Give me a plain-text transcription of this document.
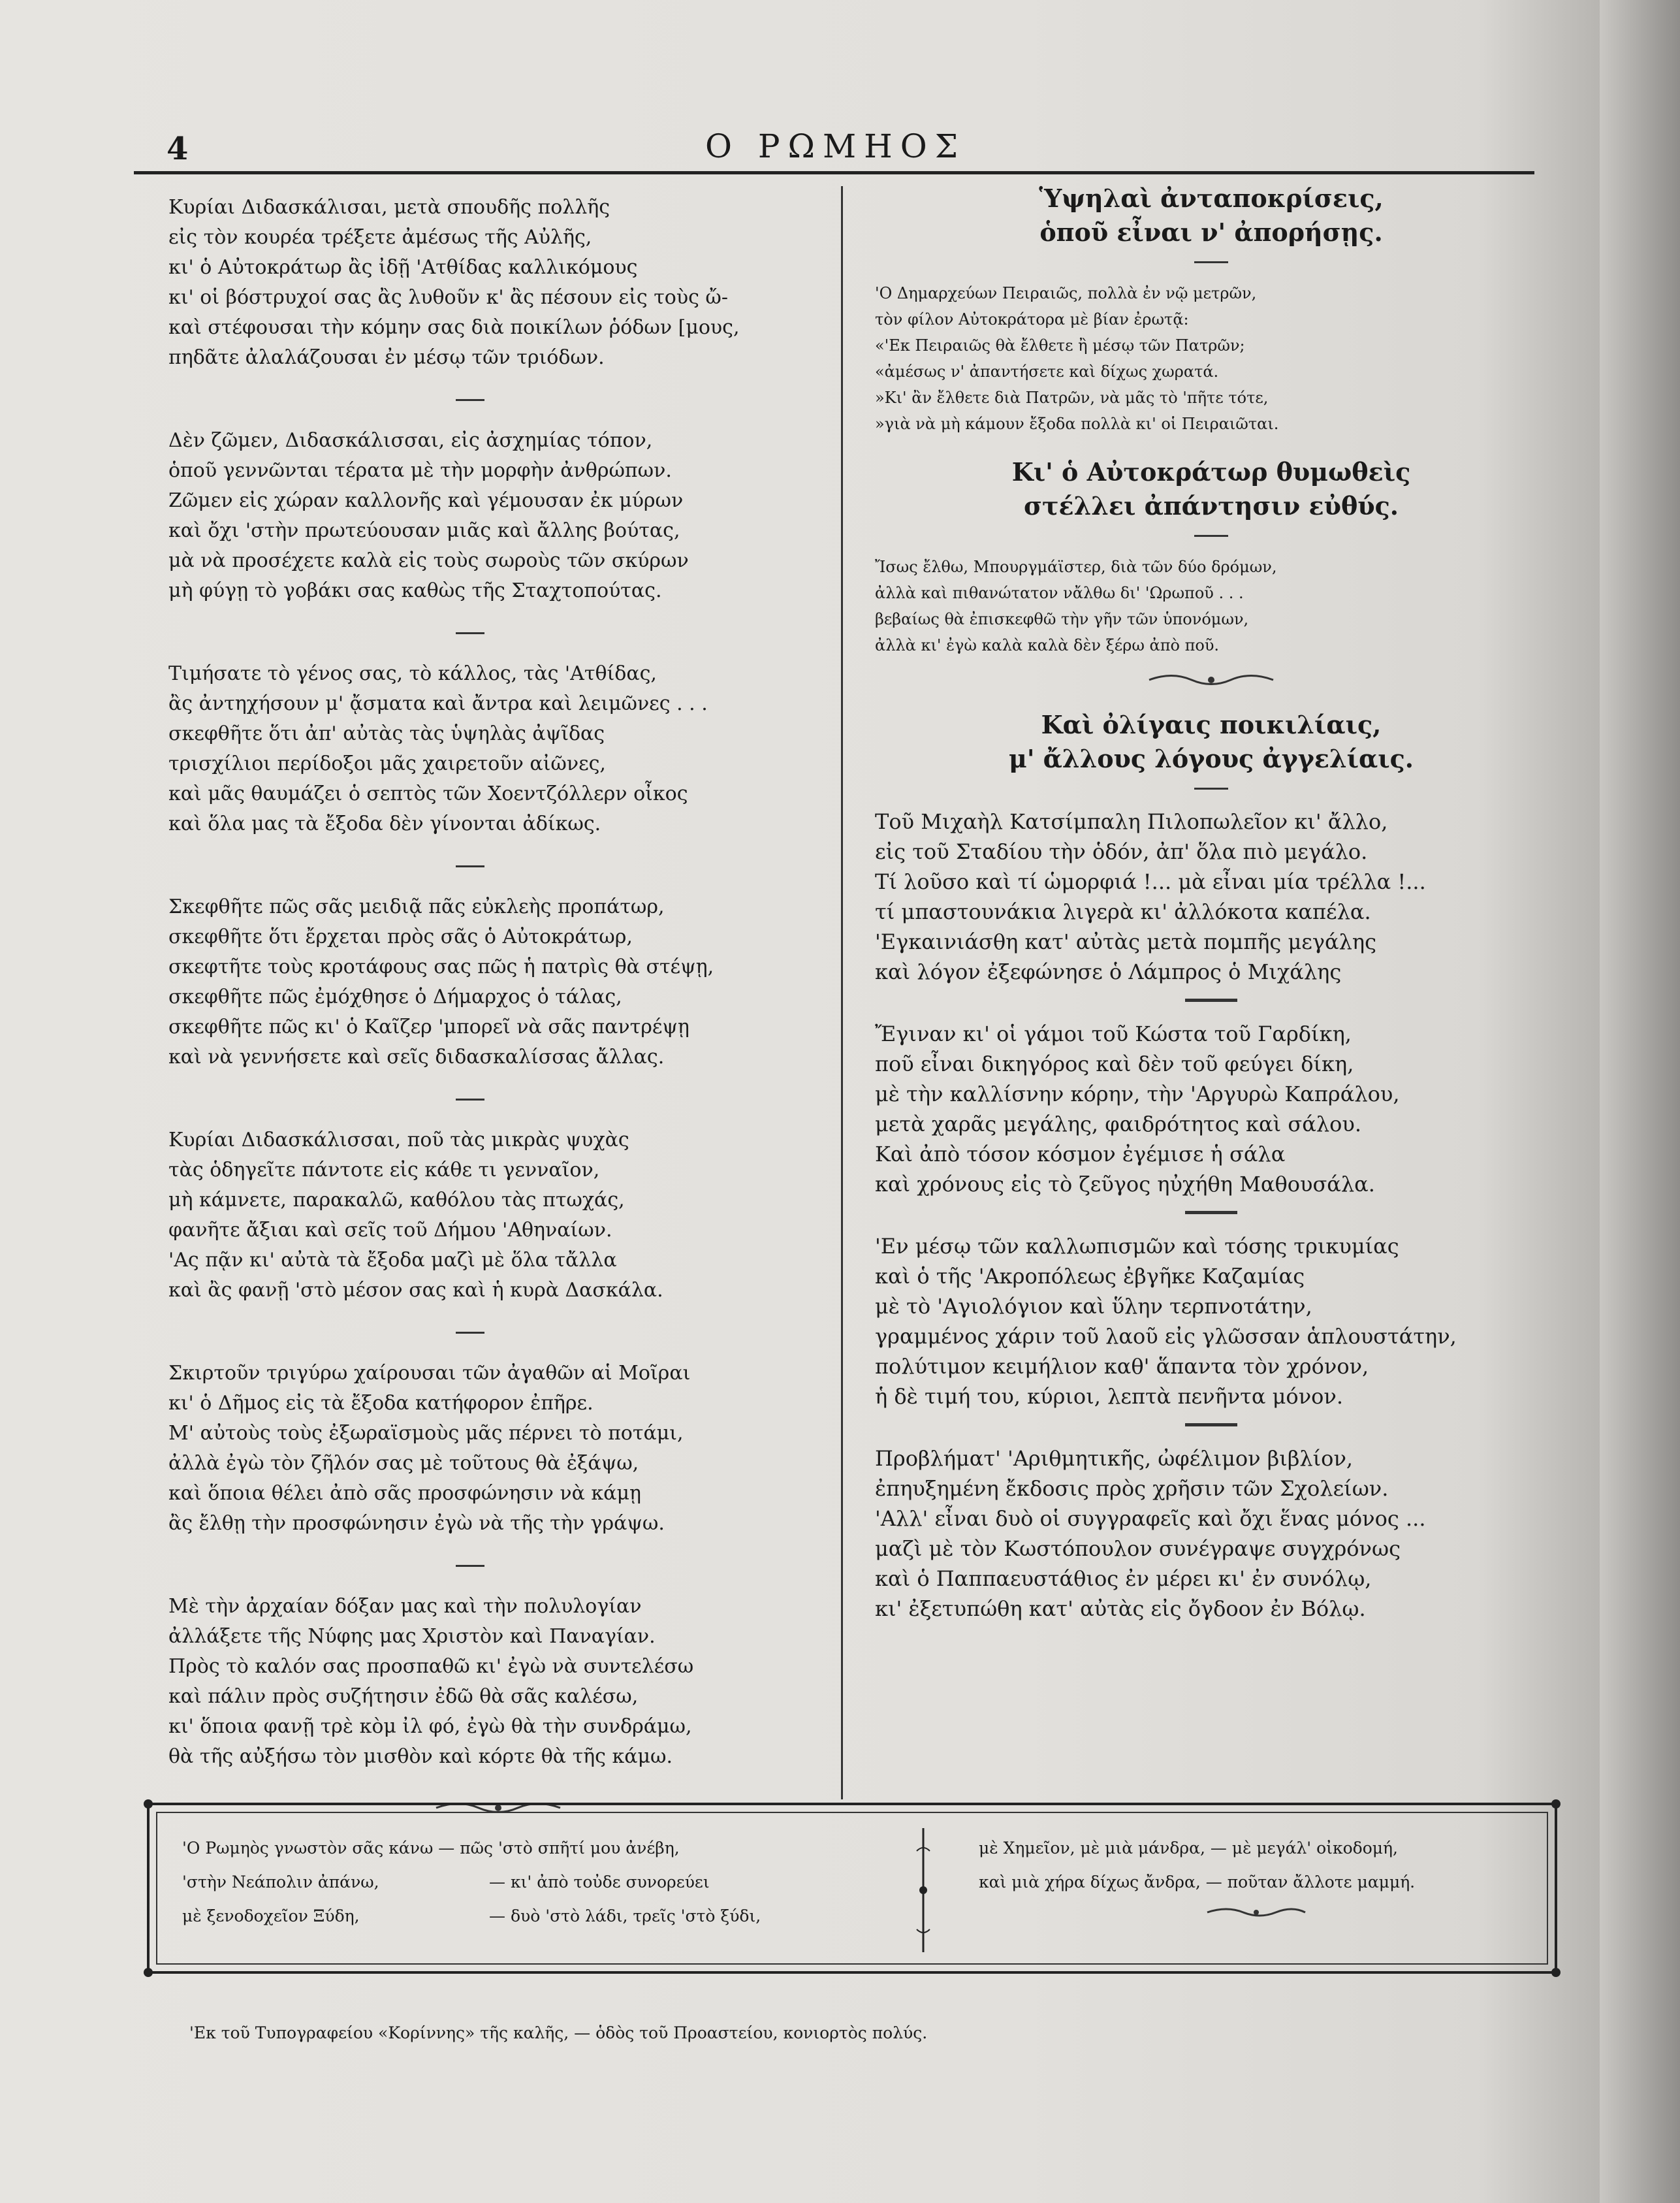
4	Ο ΡΩΜΗΟΣ
Κυρίαι Διδασκάλισαι, μετὰ σπουδῆς πολλῆς
εἰς τὸν κουρέα τρέξετε ἀμέσως τῆς Αὐλῆς,
κι' ὁ Αὐτοκράτωρ ἂς ἰδῇ 'Ατθίδας καλλικόμους
κι' οἱ βόστρυχοί σας ἂς λυθοῦν κ' ἂς πέσουν εἰς τοὺς ὤ-
καὶ στέφουσαι τὴν κόμην σας διὰ ποικίλων ῥόδων [μους,
πηδᾶτε ἀλαλάζουσαι ἐν μέσῳ τῶν τριόδων.
Δὲν ζῶμεν, Διδασκάλισσαι, εἰς ἀσχημίας τόπον,
ὁποῦ γεννῶνται τέρατα μὲ τὴν μορφὴν ἀνθρώπων.
Ζῶμεν εἰς χώραν καλλονῆς καὶ γέμουσαν ἐκ μύρων
καὶ ὄχι 'στὴν πρωτεύουσαν μιᾶς καὶ ἄλλης βούτας,
μὰ νὰ προσέχετε καλὰ εἰς τοὺς σωροὺς τῶν σκύρων
μὴ φύγῃ τὸ γοβάκι σας καθὼς τῆς Σταχτοπούτας.
Τιμήσατε τὸ γένος σας, τὸ κάλλος, τὰς 'Ατθίδας,
ἂς ἀντηχήσουν μ' ᾄσματα καὶ ἄντρα καὶ λειμῶνες . . .
σκεφθῆτε ὅτι ἀπ' αὐτὰς τὰς ὑψηλὰς ἀψῖδας
τρισχίλιοι περίδοξοι μᾶς χαιρετοῦν αἰῶνες,
καὶ μᾶς θαυμάζει ὁ σεπτὸς τῶν Χοεντζόλλερν οἶκος
καὶ ὅλα μας τὰ ἔξοδα δὲν γίνονται ἀδίκως.
Σκεφθῆτε πῶς σᾶς μειδιᾷ πᾶς εὐκλεὴς προπάτωρ,
σκεφθῆτε ὅτι ἔρχεται πρὸς σᾶς ὁ Αὐτοκράτωρ,
σκεφτῆτε τοὺς κροτάφους σας πῶς ἡ πατρὶς θὰ στέψῃ,
σκεφθῆτε πῶς ἐμόχθησε ὁ Δήμαρχος ὁ τάλας,
σκεφθῆτε πῶς κι' ὁ Καῖζερ 'μπορεῖ νὰ σᾶς παντρέψῃ
καὶ νὰ γεννήσετε καὶ σεῖς διδασκαλίσσας ἄλλας.
Κυρίαι Διδασκάλισσαι, ποῦ τὰς μικρὰς ψυχὰς
τὰς ὁδηγεῖτε πάντοτε εἰς κάθε τι γενναῖον,
μὴ κάμνετε, παρακαλῶ, καθόλου τὰς πτωχάς,
φανῆτε ἄξιαι καὶ σεῖς τοῦ Δήμου 'Αθηναίων.
'Ας πᾷν κι' αὐτὰ τὰ ἔξοδα μαζὶ μὲ ὅλα τἄλλα
καὶ ἂς φανῇ 'στὸ μέσον σας καὶ ἡ κυρὰ Δασκάλα.
Σκιρτοῦν τριγύρω χαίρουσαι τῶν ἀγαθῶν αἱ Μοῖραι
κι' ὁ Δῆμος εἰς τὰ ἔξοδα κατήφορον ἐπῆρε.
Μ' αὐτοὺς τοὺς ἐξωραϊσμοὺς μᾶς πέρνει τὸ ποτάμι,
ἀλλὰ ἐγὼ τὸν ζῆλόν σας μὲ τοῦτους θὰ ἐξάψω,
καὶ ὅποια θέλει ἀπὸ σᾶς προσφώνησιν νὰ κάμῃ
ἂς ἔλθῃ τὴν προσφώνησιν ἐγὼ νὰ τῆς τὴν γράψω.
Μὲ τὴν ἀρχαίαν δόξαν μας καὶ τὴν πολυλογίαν
ἀλλάξετε τῆς Νύφης μας Χριστὸν καὶ Παναγίαν.
Πρὸς τὸ καλόν σας προσπαθῶ κι' ἐγὼ νὰ συντελέσω
καὶ πάλιν πρὸς συζήτησιν ἐδῶ θὰ σᾶς καλέσω,
κι' ὅποια φανῇ τρὲ κὸμ ἰλ φό, ἐγὼ θὰ τὴν συνδράμω,
θὰ τῆς αὐξήσω τὸν μισθὸν καὶ κόρτε θὰ τῆς κάμω.
Ὑψηλαὶ ἀνταποκρίσεις,
ὁποῦ εἶναι ν' ἀπορήσῃς.
'Ο Δημαρχεύων Πειραιῶς, πολλὰ ἐν νῷ μετρῶν,
τὸν φίλον Αὐτοκράτορα μὲ βίαν ἐρωτᾷ:
«'Εκ Πειραιῶς θὰ ἔλθετε ἢ μέσῳ τῶν Πατρῶν;
«ἀμέσως ν' ἀπαντήσετε καὶ δίχως χωρατά.
»Κι' ἂν ἔλθετε διὰ Πατρῶν, νὰ μᾶς τὸ 'πῆτε τότε,
»γιὰ νὰ μὴ κάμουν ἔξοδα πολλὰ κι' οἱ Πειραιῶται.
Κι' ὁ Αὐτοκράτωρ θυμωθεὶς
στέλλει ἀπάντησιν εὐθύς.
Ἴσως ἔλθω, Μπουργμάϊστερ, διὰ τῶν δύο δρόμων,
ἀλλὰ καὶ πιθανώτατον νἄλθω δι' 'Ωρωποῦ . . .
βεβαίως θὰ ἐπισκεφθῶ τὴν γῆν τῶν ὑπονόμων,
ἀλλὰ κι' ἐγὼ καλὰ καλὰ δὲν ξέρω ἀπὸ ποῦ.
Καὶ ὀλίγαις ποικιλίαις,
μ' ἄλλους λόγους ἀγγελίαις.
Τοῦ Μιχαὴλ Κατσίμπαλη Πιλοπωλεῖον κι' ἄλλο,
εἰς τοῦ Σταδίου τὴν ὁδόν, ἀπ' ὅλα πιὸ μεγάλο.
Τί λοῦσο καὶ τί ὡμορφιά !... μὰ εἶναι μία τρέλλα !...
τί μπαστουνάκια λιγερὰ κι' ἀλλόκοτα καπέλα.
'Εγκαινιάσθη κατ' αὐτὰς μετὰ πομπῆς μεγάλης
καὶ λόγον ἐξεφώνησε ὁ Λάμπρος ὁ Μιχάλης
Ἔγιναν κι' οἱ γάμοι τοῦ Κώστα τοῦ Γαρδίκη,
ποῦ εἶναι δικηγόρος καὶ δὲν τοῦ φεύγει δίκη,
μὲ τὴν καλλίσνην κόρην, τὴν 'Αργυρὼ Καπράλου,
μετὰ χαρᾶς μεγάλης, φαιδρότητος καὶ σάλου.
Καὶ ἀπὸ τόσον κόσμον ἐγέμισε ἡ σάλα
καὶ χρόνους εἰς τὸ ζεῦγος ηὐχήθη Μαθουσάλα.
'Εν μέσῳ τῶν καλλωπισμῶν καὶ τόσης τρικυμίας
καὶ ὁ τῆς 'Ακροπόλεως ἐβγῆκε Καζαμίας
μὲ τὸ 'Αγιολόγιον καὶ ὕλην τερπνοτάτην,
γραμμένος χάριν τοῦ λαοῦ εἰς γλῶσσαν ἁπλουστάτην,
πολύτιμον κειμήλιον καθ' ἅπαντα τὸν χρόνον,
ἡ δὲ τιμή του, κύριοι, λεπτὰ πενῆντα μόνον.
Προβλήματ' 'Αριθμητικῆς, ὠφέλιμον βιβλίον,
ἐπηυξημένη ἔκδοσις πρὸς χρῆσιν τῶν Σχολείων.
'Αλλ' εἶναι δυὸ οἱ συγγραφεῖς καὶ ὄχι ἕνας μόνος ...
μαζὶ μὲ τὸν Κωστόπουλον συνέγραψε συγχρόνως
καὶ ὁ Παππαευστάθιος ἐν μέρει κι' ἐν συνόλῳ,
κι' ἐξετυπώθη κατ' αὐτὰς εἰς ὄγδοον ἐν Βόλῳ.
'Ο Ρωμηὸς γνωστὸν σᾶς κάνω — πῶς 'στὸ σπῆτί μου ἀνέβη,
'στὴν Νεάπολιν ἀπάνω,	— κι' ἀπὸ τοὐδε συνορεύει
μὲ ξενοδοχεῖον Ξύδη,	— δυὸ 'στὸ λάδι, τρεῖς 'στὸ ξύδι,
μὲ Χημεῖον, μὲ μιὰ μάνδρα, — μὲ μεγάλ' οἰκοδομή,
καὶ μιὰ χήρα δίχως ἄνδρα, — ποῦταν ἄλλοτε μαμμή.
'Εκ τοῦ Τυπογραφείου «Κορίννης» τῆς καλῆς, — ὁδὸς τοῦ Προαστείου, κονιορτὸς πολύς.
